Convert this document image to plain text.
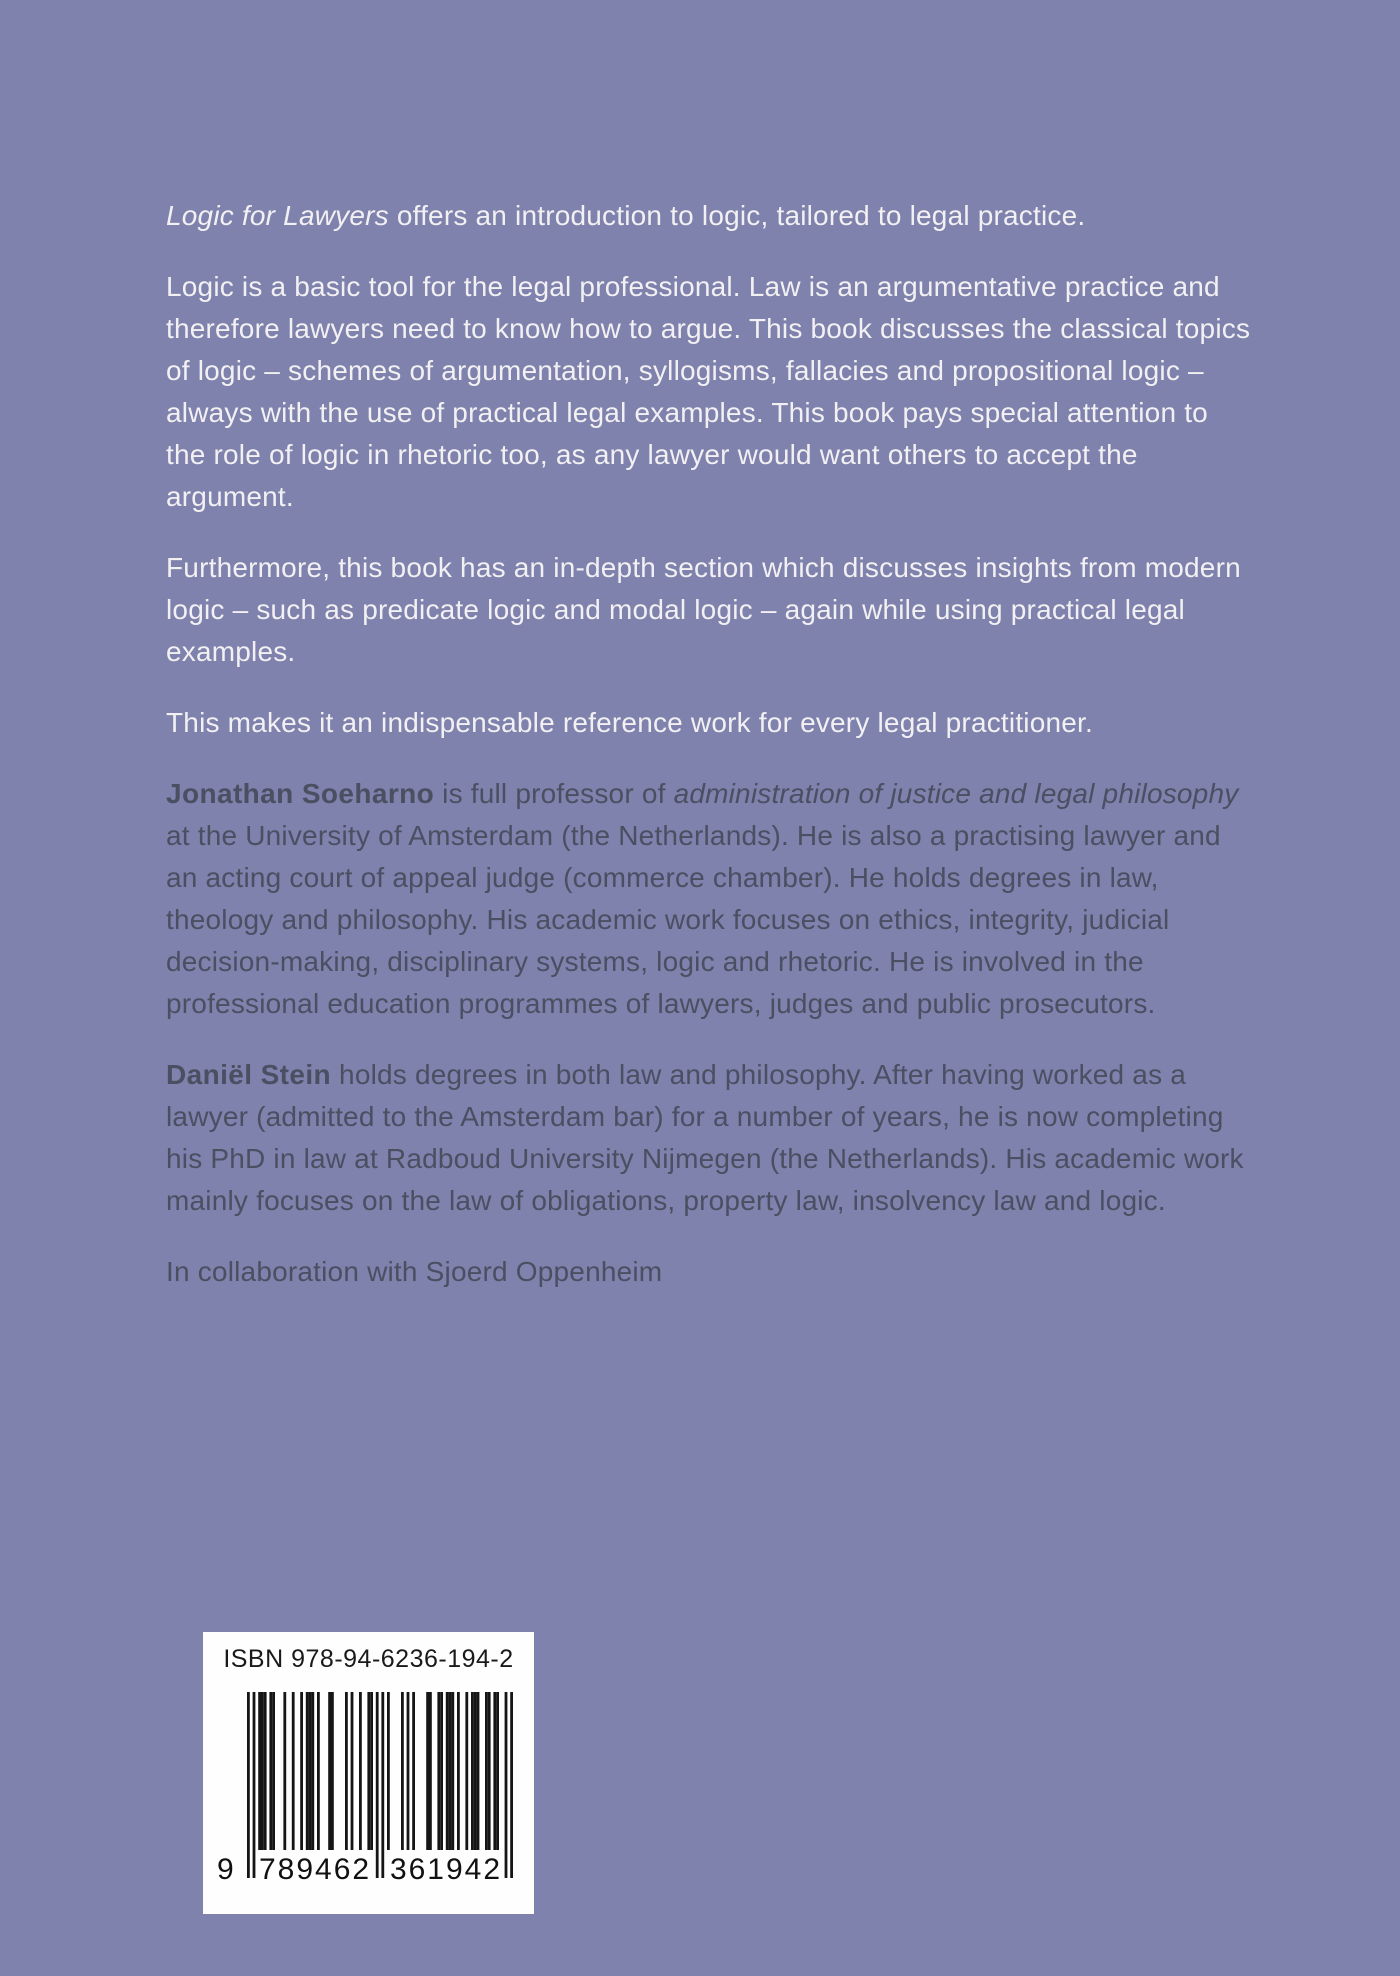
Logic for Lawyers offers an introduction to logic, tailored to legal practice.

Logic is a basic tool for the legal professional. Law is an argumentative practice and therefore lawyers need to know how to argue. This book discusses the classical topics of logic – schemes of argumentation, syllogisms, fallacies and propositional logic – always with the use of practical legal examples. This book pays special attention to the role of logic in rhetoric too, as any lawyer would want others to accept the argument.

Furthermore, this book has an in-depth section which discusses insights from modern logic – such as predicate logic and modal logic – again while using practical legal examples.

This makes it an indispensable reference work for every legal practitioner.

Jonathan Soeharno is full professor of administration of justice and legal philosophy at the University of Amsterdam (the Netherlands). He is also a practising lawyer and an acting court of appeal judge (commerce chamber). He holds degrees in law, theology and philosophy. His academic work focuses on ethics, integrity, judicial decision-making, disciplinary systems, logic and rhetoric. He is involved in the professional education programmes of lawyers, judges and public prosecutors.

Daniël Stein holds degrees in both law and philosophy. After having worked as a lawyer (admitted to the Amsterdam bar) for a number of years, he is now completing his PhD in law at Radboud University Nijmegen (the Netherlands). His academic work mainly focuses on the law of obligations, property law, insolvency law and logic.

In collaboration with Sjoerd Oppenheim

ISBN 978-94-6236-194-2
9 789462 361942
